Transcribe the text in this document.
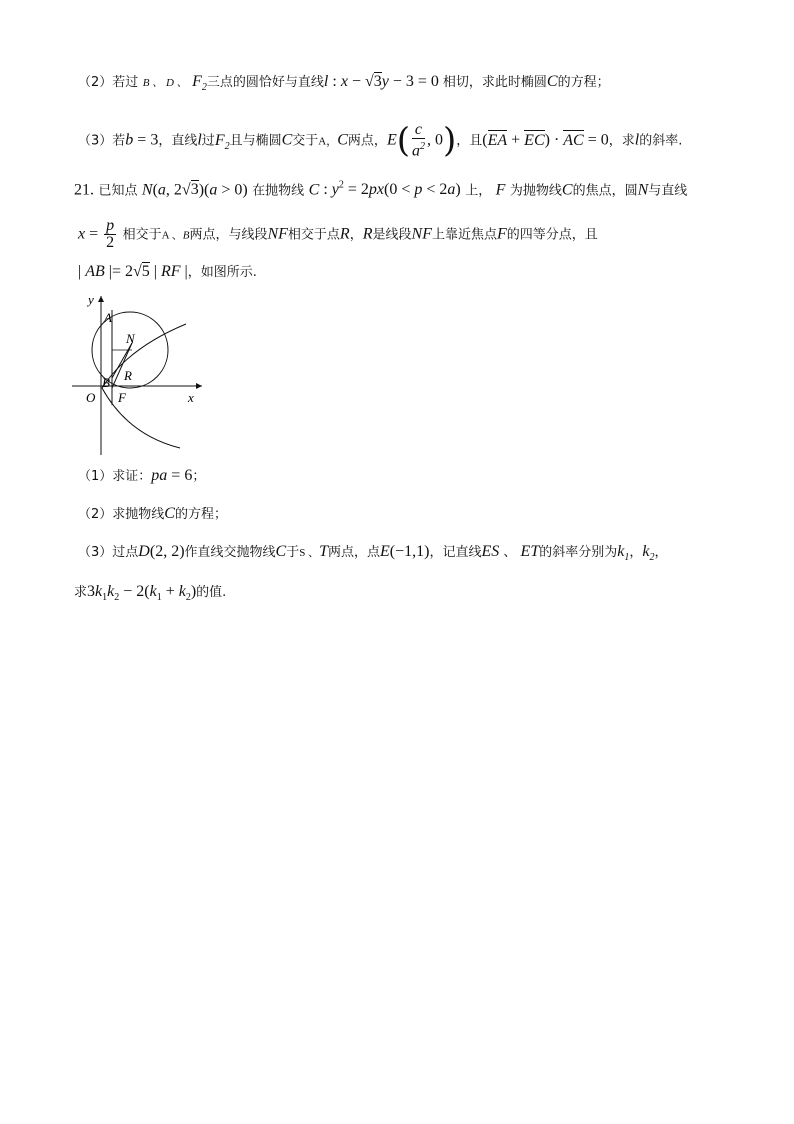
（2）若过 B 、 D 、 $F_2$三点的圆恰好与直线l : x − √3y − 3 = 0 相切，求此时椭圆C的方程；
（3）若b = 3，直线l过$F_2$且与椭圆C交于A，C两点，$E( \frac{c}{a^2}$ , 0)，且(EA + EC) · AC = 0，求l的斜率.
21. 已知点 N(a, 2√3)(a > 0) 在抛物线 C : $y^2 = 2px(0 < p < 2a)$ 上， F 为抛物线C的焦点，圆N与直线
$x = \frac{p}{2}$ 相交于A 、B两点，与线段NF相交于点R，R是线段NF上靠近焦点F的四等分点，且
| AB |= 2√5 | RF |，如图所示.
y
x
A
N
R
B
O F
（1）求证：pa = 6；
（2）求抛物线C的方程；
（3）过点D(2, 2)作直线交抛物线C于S 、T两点，点E(−1,1)，记直线ES 、 ET的斜率分别为$k_1$，$k_2$，
求$3k_1k_2 - 2(k_1 + k_2)$的值.
